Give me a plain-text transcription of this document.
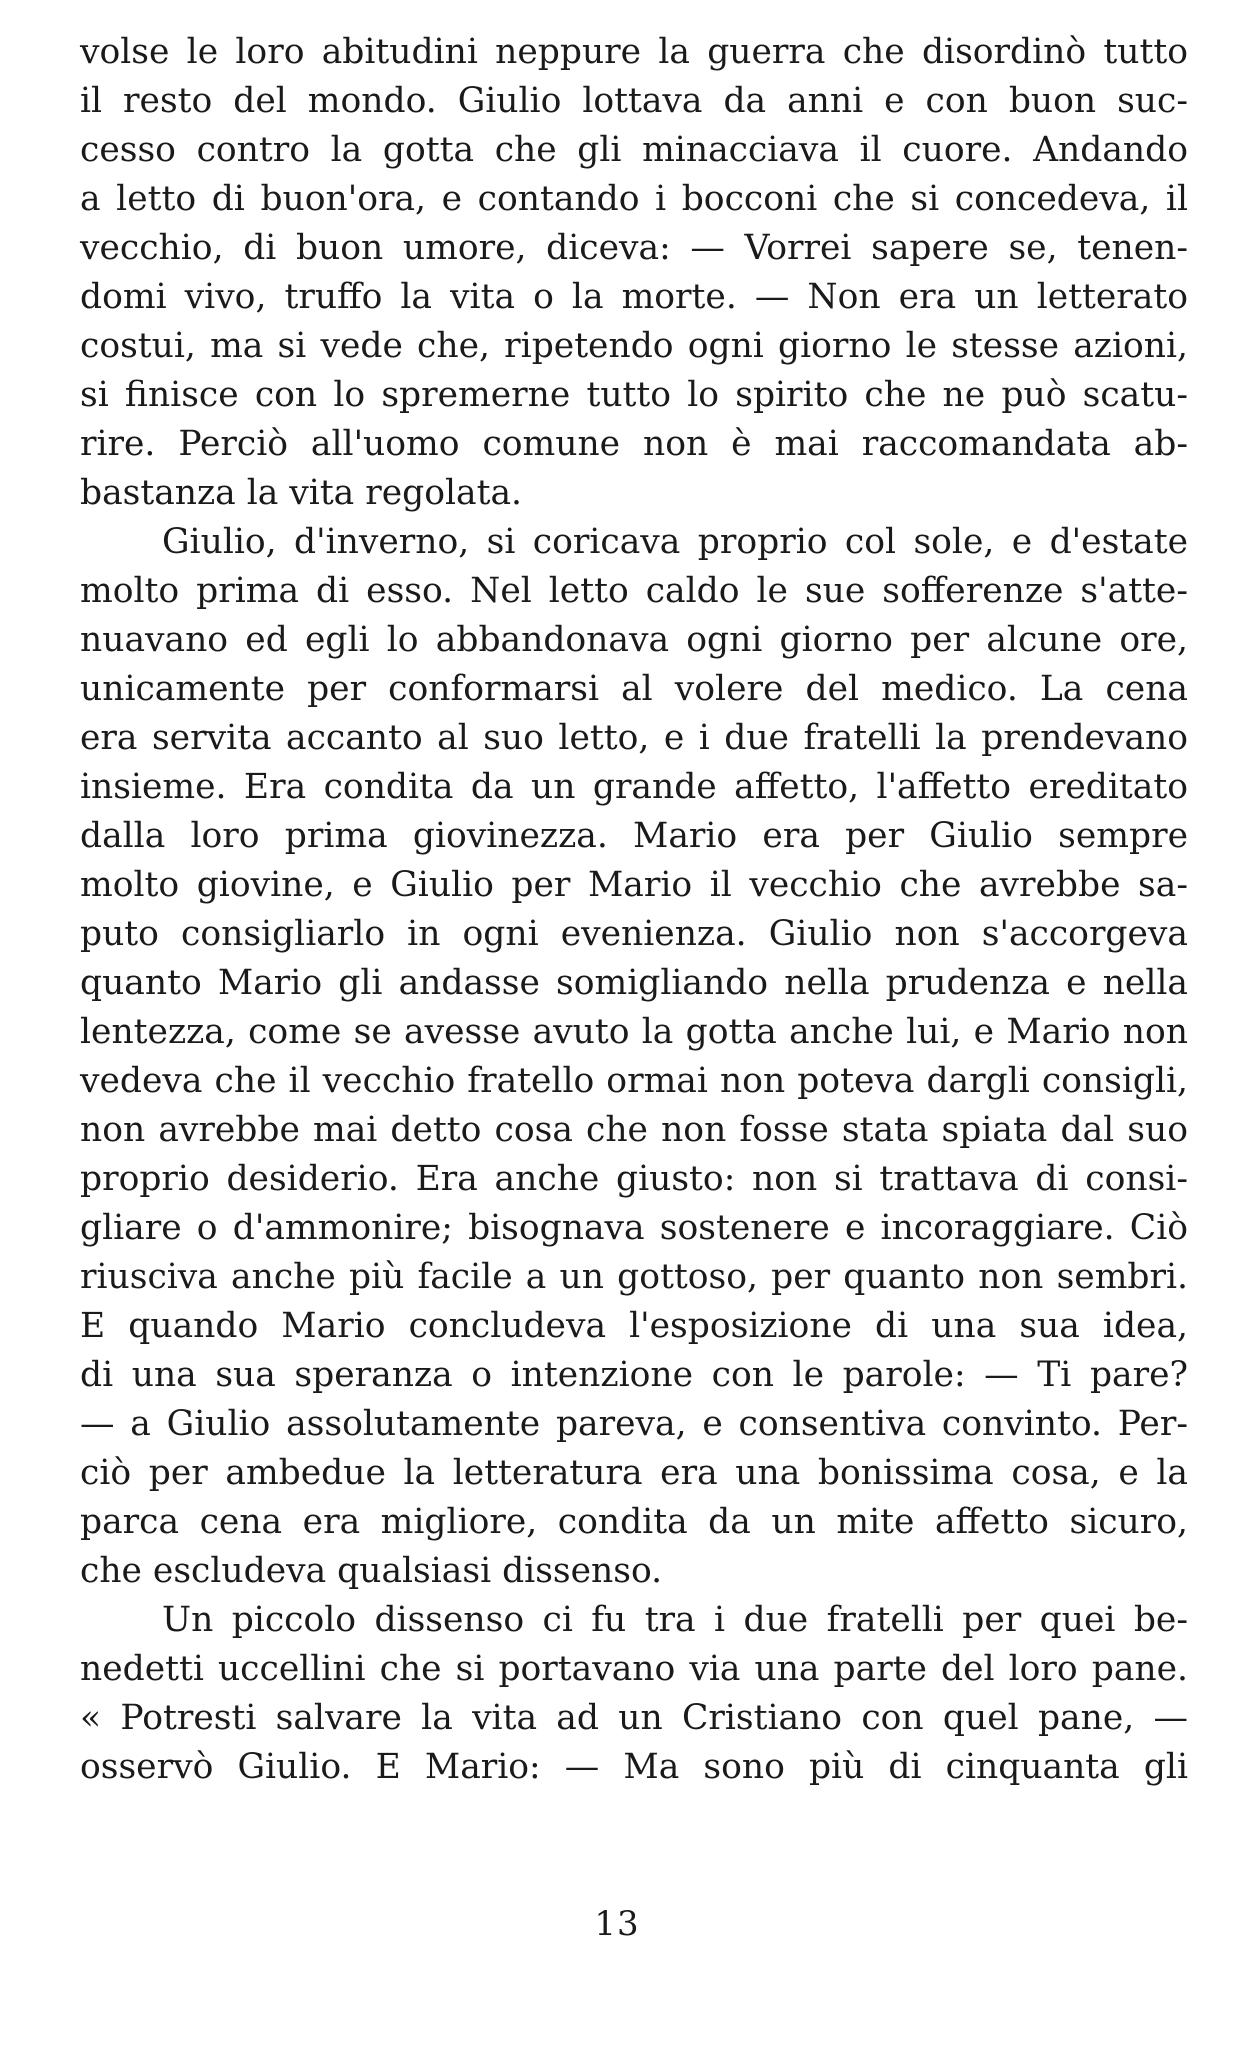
volse le loro abitudini neppure la guerra che disordinò tutto
il resto del mondo. Giulio lottava da anni e con buon suc-
cesso contro la gotta che gli minacciava il cuore. Andando
a letto di buon'ora, e contando i bocconi che si concedeva, il
vecchio, di buon umore, diceva: — Vorrei sapere se, tenen-
domi vivo, truffo la vita o la morte. — Non era un letterato
costui, ma si vede che, ripetendo ogni giorno le stesse azioni,
si finisce con lo spremerne tutto lo spirito che ne può scatu-
rire. Perciò all'uomo comune non è mai raccomandata ab-
bastanza la vita regolata.
Giulio, d'inverno, si coricava proprio col sole, e d'estate
molto prima di esso. Nel letto caldo le sue sofferenze s'atte-
nuavano ed egli lo abbandonava ogni giorno per alcune ore,
unicamente per conformarsi al volere del medico. La cena
era servita accanto al suo letto, e i due fratelli la prendevano
insieme. Era condita da un grande affetto, l'affetto ereditato
dalla loro prima giovinezza. Mario era per Giulio sempre
molto giovine, e Giulio per Mario il vecchio che avrebbe sa-
puto consigliarlo in ogni evenienza. Giulio non s'accorgeva
quanto Mario gli andasse somigliando nella prudenza e nella
lentezza, come se avesse avuto la gotta anche lui, e Mario non
vedeva che il vecchio fratello ormai non poteva dargli consigli,
non avrebbe mai detto cosa che non fosse stata spiata dal suo
proprio desiderio. Era anche giusto: non si trattava di consi-
gliare o d'ammonire; bisognava sostenere e incoraggiare. Ciò
riusciva anche più facile a un gottoso, per quanto non sembri.
E quando Mario concludeva l'esposizione di una sua idea,
di una sua speranza o intenzione con le parole: — Ti pare?
— a Giulio assolutamente pareva, e consentiva convinto. Per-
ciò per ambedue la letteratura era una bonissima cosa, e la
parca cena era migliore, condita da un mite affetto sicuro,
che escludeva qualsiasi dissenso.
Un piccolo dissenso ci fu tra i due fratelli per quei be-
nedetti uccellini che si portavano via una parte del loro pane.
« Potresti salvare la vita ad un Cristiano con quel pane, —
osservò Giulio. E Mario: — Ma sono più di cinquanta gli
13
